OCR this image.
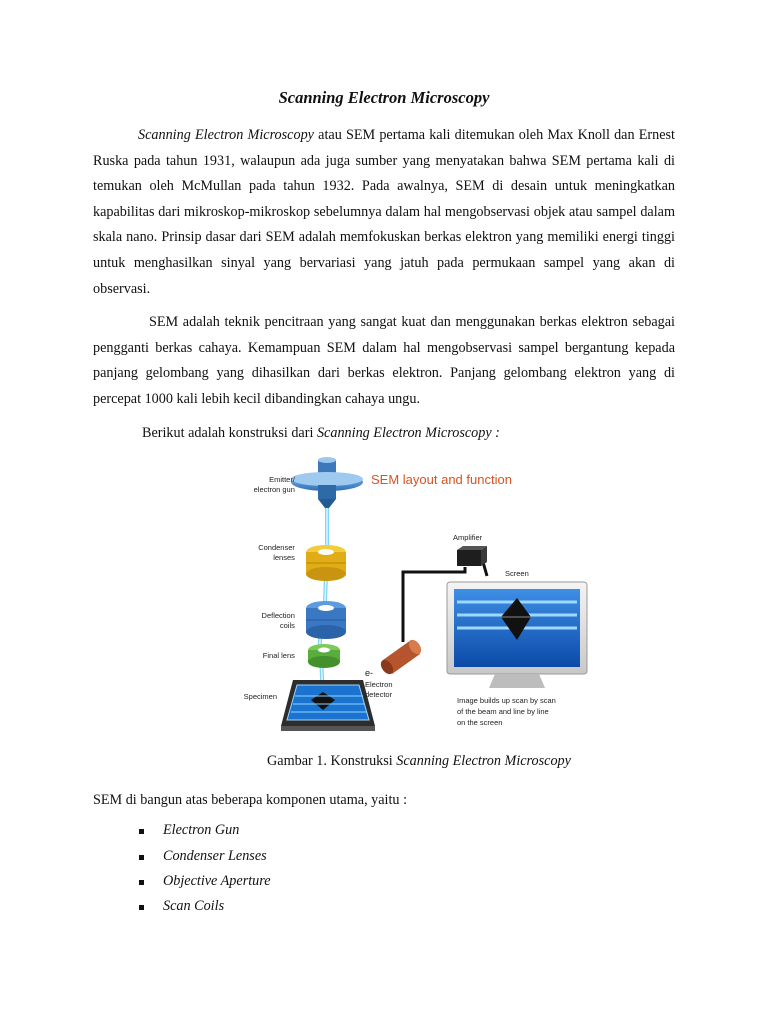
Scanning Electron Microscopy

Scanning Electron Microscopy atau SEM pertama kali ditemukan oleh Max Knoll dan Ernest Ruska pada tahun 1931, walaupun ada juga sumber yang menyatakan bahwa SEM pertama kali di temukan oleh McMullan pada tahun 1932. Pada awalnya, SEM di desain untuk meningkatkan kapabilitas dari mikroskop-mikroskop sebelumnya dalam hal mengobservasi objek atau sampel dalam skala nano. Prinsip dasar dari SEM adalah memfokuskan berkas elektron yang memiliki energi tinggi untuk menghasilkan sinyal yang bervariasi yang jatuh pada permukaan sampel yang akan di observasi.

SEM adalah teknik pencitraan yang sangat kuat dan menggunakan berkas elektron sebagai pengganti berkas cahaya. Kemampuan SEM dalam hal mengobservasi sampel bergantung kepada panjang gelombang yang dihasilkan dari berkas elektron. Panjang gelombang elektron yang di percepat 1000 kali lebih kecil dibandingkan cahaya ungu.

Berikut adalah konstruksi dari Scanning Electron Microscopy :

SEM layout and function
Emitter/ electron gun Condenser lenses Deflection coils Final lens Specimen
e-
Electron detector
Amplifier
Screen
Image builds up scan by scan of the beam and line by line on the screen
Gambar 1. Konstruksi Scanning Electron Microscopy
SEM di bangun atas beberapa komponen utama, yaitu :
Electron Gun
Condenser Lenses
Objective Aperture
Scan Coils
